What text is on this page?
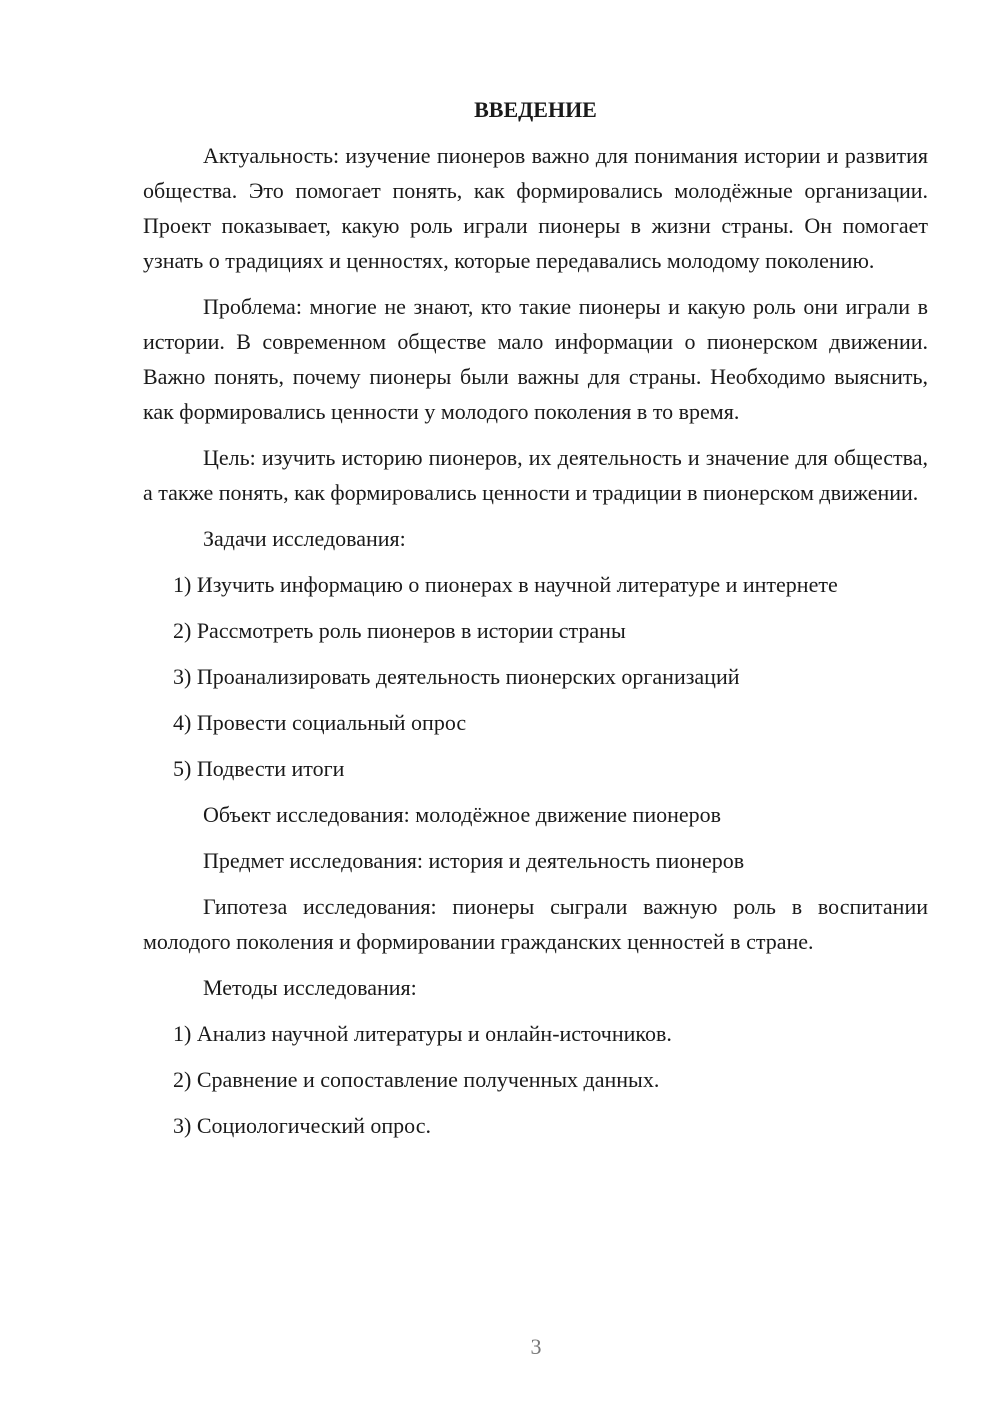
ВВЕДЕНИЕ
Актуальность: изучение пионеров важно для понимания истории и развития общества. Это помогает понять, как формировались молодёжные организации. Проект показывает, какую роль играли пионеры в жизни страны. Он помогает узнать о традициях и ценностях, которые передавались молодому поколению.
Проблема: многие не знают, кто такие пионеры и какую роль они играли в истории. В современном обществе мало информации о пионерском движении. Важно понять, почему пионеры были важны для страны. Необходимо выяснить, как формировались ценности у молодого поколения в то время.
Цель: изучить историю пионеров, их деятельность и значение для общества, а также понять, как формировались ценности и традиции в пионерском движении.
Задачи исследования:
1) Изучить информацию о пионерах в научной литературе и интернете
2) Рассмотреть роль пионеров в истории страны
3) Проанализировать деятельность пионерских организаций
4) Провести социальный опрос
5) Подвести итоги
Объект исследования: молодёжное движение пионеров
Предмет исследования: история и деятельность пионеров
Гипотеза исследования: пионеры сыграли важную роль в воспитании молодого поколения и формировании гражданских ценностей в стране.
Методы исследования:
1) Анализ научной литературы и онлайн-источников.
2) Сравнение и сопоставление полученных данных.
3) Социологический опрос.
3
